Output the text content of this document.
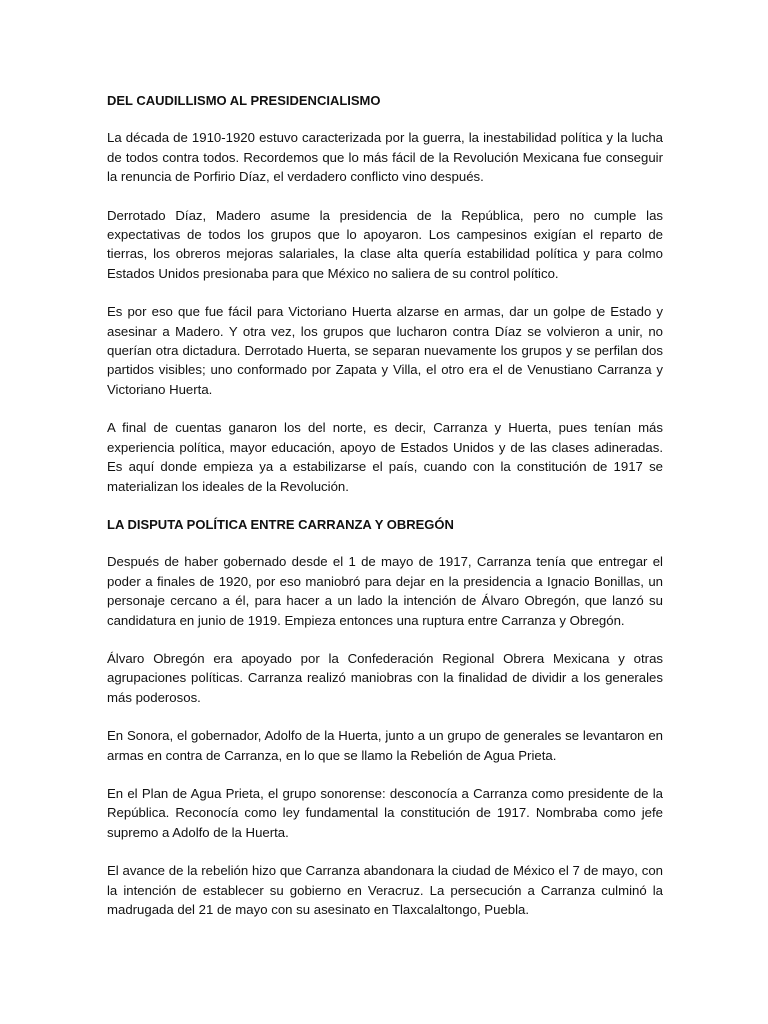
DEL CAUDILLISMO AL PRESIDENCIALISMO
La década de 1910-1920 estuvo caracterizada por la guerra, la inestabilidad política y la lucha de todos contra todos. Recordemos que lo más fácil de la Revolución Mexicana fue conseguir la renuncia de Porfirio Díaz, el verdadero conflicto vino después.
Derrotado Díaz, Madero asume la presidencia de la República, pero no cumple las expectativas de todos los grupos que lo apoyaron. Los campesinos exigían el reparto de tierras, los obreros mejoras salariales, la clase alta quería estabilidad política y para colmo Estados Unidos presionaba para que México no saliera de su control político.
Es por eso que fue fácil para Victoriano Huerta alzarse en armas, dar un golpe de Estado y asesinar a Madero. Y otra vez, los grupos que lucharon contra Díaz se volvieron a unir, no querían otra dictadura. Derrotado Huerta, se separan nuevamente los grupos y se perfilan dos partidos visibles; uno conformado por Zapata y Villa, el otro era el de Venustiano Carranza y Victoriano Huerta.
A final de cuentas ganaron los del norte, es decir, Carranza y Huerta, pues tenían más experiencia política, mayor educación, apoyo de Estados Unidos y de las clases adineradas. Es aquí donde empieza ya a estabilizarse el país, cuando con la constitución de 1917 se materializan los ideales de la Revolución.
LA DISPUTA POLÍTICA ENTRE CARRANZA Y OBREGÓN
Después de haber gobernado desde el 1 de mayo de 1917, Carranza tenía que entregar el poder a finales de 1920, por eso maniobró para dejar en la presidencia a Ignacio Bonillas, un personaje cercano a él, para hacer a un lado la intención de Álvaro Obregón, que lanzó su candidatura en junio de 1919. Empieza entonces una ruptura entre Carranza y Obregón.
Álvaro Obregón era apoyado por la Confederación Regional Obrera Mexicana y otras agrupaciones políticas. Carranza realizó maniobras con la finalidad de dividir a los generales más poderosos.
En Sonora, el gobernador, Adolfo de la Huerta, junto a un grupo de generales se levantaron en armas en contra de Carranza, en lo que se llamo la Rebelión de Agua Prieta.
En el Plan de Agua Prieta, el grupo sonorense: desconocía a Carranza como presidente de la República. Reconocía como ley fundamental la constitución de 1917. Nombraba como jefe supremo a Adolfo de la Huerta.
El avance de la rebelión hizo que Carranza abandonara la ciudad de México el 7 de mayo, con la intención de establecer su gobierno en Veracruz. La persecución a Carranza culminó la madrugada del 21 de mayo con su asesinato en Tlaxcalaltongo, Puebla.
